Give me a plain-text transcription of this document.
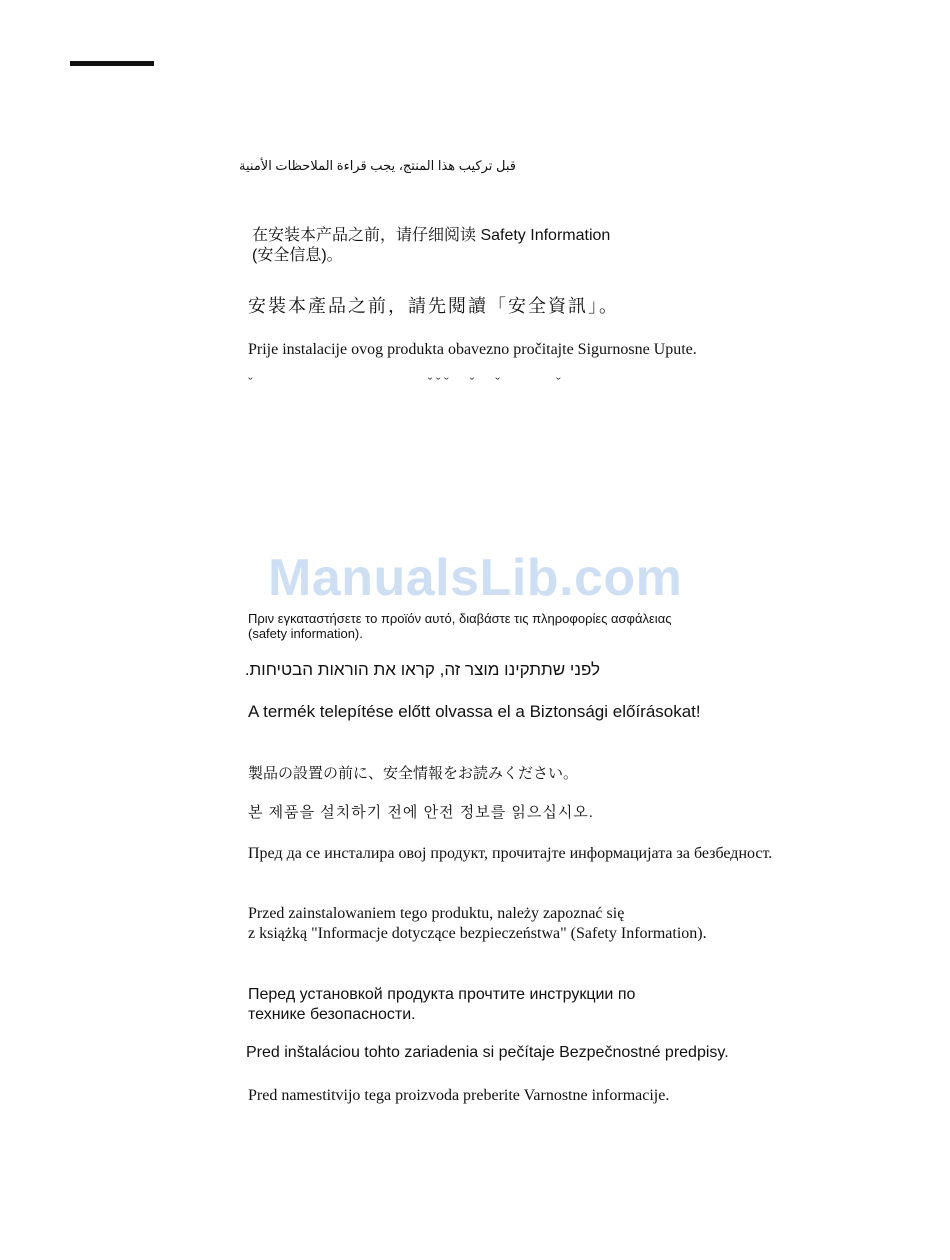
قبل تركيب هذا المنتج، يجب قراءة الملاحظات الأمنية
在安装本产品之前，请仔细阅读 Safety Information
(安全信息)。
安裝本產品之前，請先閱讀「安全資訊」。
Prije instalacije ovog produkta obavezno pročitajte Sigurnosne Upute.
ˇ                                                  ˇ ˇ ˇ      ˇ      ˇ                ˇ
ManualsLib.com
Πριν εγκαταστήσετε το προϊόν αυτό, διαβάστε τις πληροφορίες ασφάλειας
(safety information).
לפני שתתקינו מוצר זה, קראו את הוראות הבטיחות.
A termék telepítése előtt olvassa el a Biztonsági előírásokat!
製品の設置の前に、安全情報をお読みください。
본 제품을 설치하기 전에 안전 정보를 읽으십시오.
Пред да се инсталира овој продукт, прочитајте информацијата за безбедност.
Przed zainstalowaniem tego produktu, należy zapoznać się
z książką "Informacje dotyczące bezpieczeństwa" (Safety Information).
Перед установкой продукта прочтите инструкции по
технике безопасности.
Pred inštaláciou tohto zariadenia si pečítaje Bezpečnostné predpisy.
Pred namestitvijo tega proizvoda preberite Varnostne informacije.
